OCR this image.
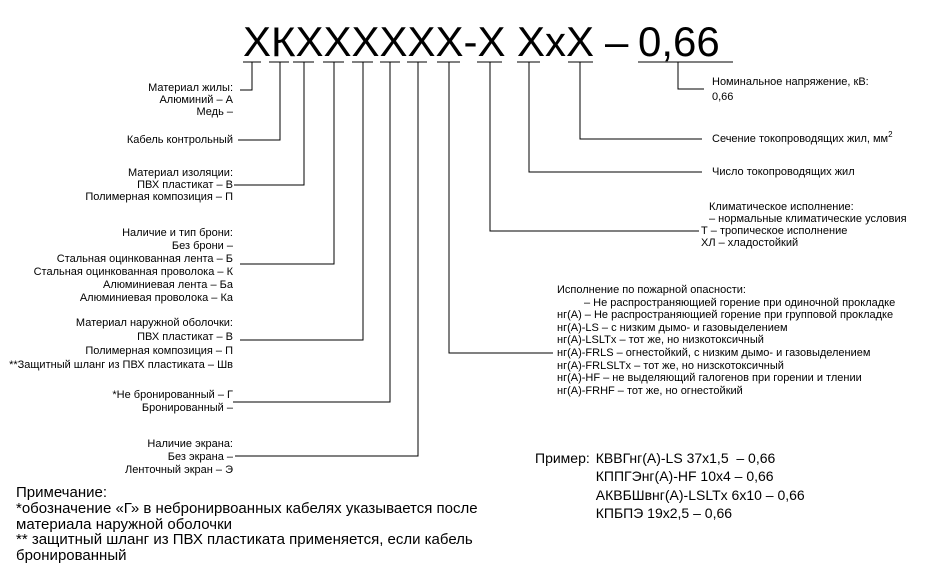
ХКХХХХХХ-Х ХхХ – 0,66
Материал жилы:
Алюминий – А
Медь –
Кабель контрольный
Материал изоляции:
ПВХ пластикат – В
Полимерная композиция – П
Наличие и тип брони:
Без брони –
Стальная оцинкованная лента – Б
Стальная оцинкованная проволока – К
Алюминиевая лента – Ба
Алюминиевая проволока – Ка
Материал наружной оболочки:
ПВХ пластикат – В
Полимерная композиция – П
**Защитный шланг из ПВХ пластиката – Шв
*Не бронированный – Г
Бронированный –
Наличие экрана:
Без экрана –
Ленточный экран – Э
Номинальное напряжение, кВ:
0,66
Сечение токопроводящих жил, $мм^2$
Число токопроводящих жил
Климатическое исполнение:
– нормальные климатические условия
Т – тропическое исполнение
ХЛ – хладостойкий
Исполнение по пожарной опасности:
– Не распространяющией горение при одиночной прокладке
нг(А) – Не распространяющией горение при групповой прокладке
нг(А)-LS – с низким дымо- и газовыделением
нг(А)-LSLTx – тот же, но низкотоксичный
нг(А)-FRLS – огнестойкий, с низким дымо- и газовыделением
нг(А)-FRLSLTx – тот же, но низскотоксичный
нг(А)-HF – не выделяющий галогенов при горении и тлении
нг(А)-FRHF – тот же, но огнестойкий
Пример: КВВГнг(А)-LS 37х1,5  – 0,66
КППГЭнг(А)-HF 10х4 – 0,66
АКВБШвнг(А)-LSLTx 6х10 – 0,66
КПБПЭ 19х2,5 – 0,66
Примечание:
*обозначение «Г» в небронирвоанных кабелях указывается после
материала наружной оболочки
** защитный шланг из ПВХ пластиката применяется, если кабель
бронированный
